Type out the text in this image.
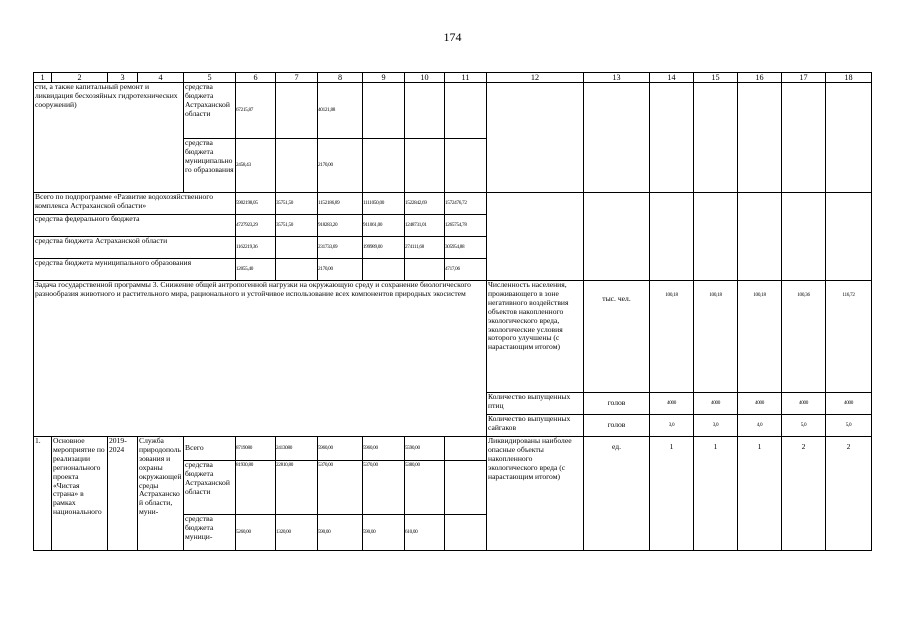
174
1	2	3	4	5	6	7	8	9	10	11	12	13	14	15	16	17	18
сти, а также капитальный ремонт и ликвидация бесхозяйных гидротехнических сооружений)				средства бюджета Астраханской области	67215,87		40121,88										
				средства бюджета муниципального образования	2458,43		2170,00										
Всего по подпрограмме «Развитие водохозяйственного комплекса Астраханской области»					5902198,05	35751,50	1152186,89	1111050,00	1522842,69	1572476,72							
средства федерального бюджета					4727923,29	35751,50	918283,20	911061,00	1248731,01	1265754,78							
средства бюджета Астраханской области					1162219,36		231733,69	199989,00	274111,68	305954,88							
средства бюджета муниципального образования					12055,40		2170,00			4717,06							
Задача государственной программы 3. Снижение общей антропогенной нагрузки на окружающую среду и сохранение биологического разнообразия животного и растительного мира, рационального и устойчивое использование всех компонентов природных экосистем											Численность населения, проживающего в зоне негативного воздействия объектов накопленного экологического вреда, экологические условия которого улучшены (с нарастающим итогом)	тыс. чел.	100,18	100,18	100,18	100,36	116,72
											Количество выпущенных птиц	голов	4000	4000	4000	4000	4000
											Количество выпущенных сайгаков	голов	3,0	3,0	4,0	5,0	5,0
1.	Основное мероприятие по реализации регионального проекта «Чистая страна» в рамках национального	2019-2024	Служба природопользования и охраны окружающей среды Астраханской области, муни-	Всего	8719080	2413080	5960,00	5960,00	5590,00		Ликвидированы наиболее опасные объекты накопленного экологического вреда (с нарастающим итогом)	ед.	1	1	1	2	2
				средства бюджета Астраханской области	81930,80	22810,80	5370,00	5370,00	5380,00								
				средства бюджета муници-	5260,00	1320,00	590,00	590,00	610,00								
